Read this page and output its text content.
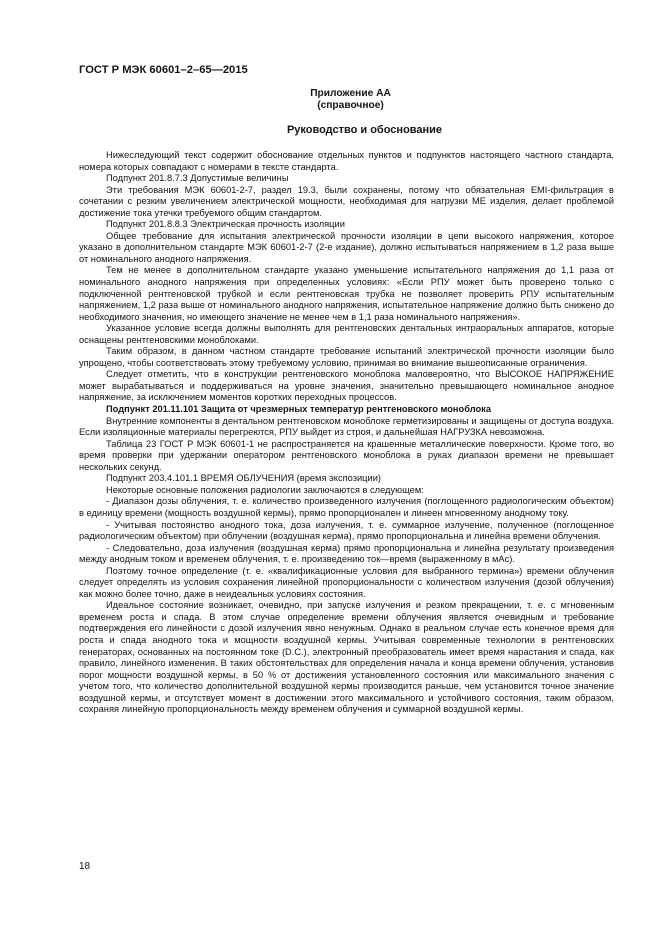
ГОСТ Р МЭК 60601–2–65—2015
Приложение АА
(справочное)
Руководство и обоснование

Нижеследующий текст содержит обоснование отдельных пунктов и подпунктов настоящего частного стандарта, номера которых совпадают с номерами в тексте стандарта.

Подпункт 201.8.7.3 Допустимые величины

Эти требования МЭК 60601-2-7, раздел 19.3, были сохранены, потому что обязательная EMI-фильтрация в сочетании с резким увеличением электрической мощности, необходимая для нагрузки МЕ изделия, делает проблемой достижение тока утечки требуемого общим стандартом.

Подпункт 201.8.8.3 Электрическая прочность изоляции

Общее требование для испытания электрической прочности изоляции в цепи высокого напряжения, которое указано в дополнительном стандарте МЭК 60601-2-7 (2-е издание), должно испытываться напряжением в 1,2 раза выше от номинального анодного напряжения.

Тем не менее в дополнительном стандарте указано уменьшение испытательного напряжения до 1,1 раза от номинального анодного напряжения при определенных условиях: «Если РПУ может быть проверено только с подключенной рентгеновской трубкой и если рентгеновская трубка не позволяет проверить РПУ испытательным напряжением, 1,2 раза выше от номинального анодного напряжения, испытательное напряжение должно быть снижено до необходимого значения, но имеющего значение не менее чем в 1,1 раза номинального напряжения».

Указанное условие всегда должны выполнять для рентгеновских дентальных интраоральных аппаратов, которые оснащены рентгеновскими моноблоками.

Таким образом, в данном частном стандарте требование испытаний электрической прочности изоляции было упрощено, чтобы соответствовать этому требуемому условию, принимая во внимание вышеописанные ограничения.

Следует отметить, что в конструкции рентгеновского моноблока маловероятно, что ВЫСОКОЕ НАПРЯЖЕНИЕ может вырабатываться и поддерживаться на уровне значения, значительно превышающего номинальное анодное напряжение, за исключением моментов коротких переходных процессов.

Подпункт 201.11.101 Защита от чрезмерных температур рентгеновского моноблока

Внутренние компоненты в дентальном рентгеновском моноблоке герметизированы и защищены от доступа воздуха. Если изоляционные материалы перегреются, РПУ выйдет из строя, и дальнейшая НАГРУЗКА невозможна.

Таблица 23 ГОСТ Р МЭК 60601-1 не распространяется на крашенные металлические поверхности. Кроме того, во время проверки при удержании оператором рентгеновского моноблока в руках диапазон времени не превышает нескольких секунд.

Подпункт 203.4.101.1 ВРЕМЯ ОБЛУЧЕНИЯ (время экспозиции)

Некоторые основные положения радиологии заключаются в следующем:

- Диапазон дозы облучения, т. е. количество произведенного излучения (поглощенного радиологическим объектом) в единицу времени (мощность воздушной кермы), прямо пропорционален и линеен мгновенному анодному току.

- Учитывая постоянство анодного тока, доза излучения, т. е. суммарное излучение, полученное (поглощенное радиологическим объектом) при облучении (воздушная керма), прямо пропорциональна и линейна времени облучения.

- Следовательно, доза излучения (воздушная керма) прямо пропорциональна и линейна результату произведения между анодным током и временем облучения, т. е. произведению ток—время (выраженному в мАс).

Поэтому точное определение (т. е. «квалификационные условия для выбранного термина») времени облучения следует определять из условия сохранения линейной пропорциональности с количеством излучения (дозой облучения) как можно более точно, даже в неидеальных условиях состояния.

Идеальное состояние возникает, очевидно, при запуске излучения и резком прекращении, т. е. с мгновенным временем роста и спада. В этом случае определение времени облучения является очевидным и требование подтверждения его линейности с дозой излучения явно ненужным. Однако в реальном случае есть конечное время для роста и спада анодного тока и мощности воздушной кермы. Учитывая современные технологии в рентгеновских генераторах, основанных на постоянном токе (D.C.), электронный преобразователь имеет время нарастания и спада, как правило, линейного изменения. В таких обстоятельствах для определения начала и конца времени облучения, установив порог мощности воздушной кермы, в 50 % от достижения установленного состояния или максимального значения с учетом того, что количество дополнительной воздушной кермы производится раньше, чем установится точное значение воздушной кермы, и отсутствует момент в достижении этого максимального и устойчивого состояния, таким образом, сохраняя линейную пропорциональность между временем облучения и суммарной воздушной кермы.

18
